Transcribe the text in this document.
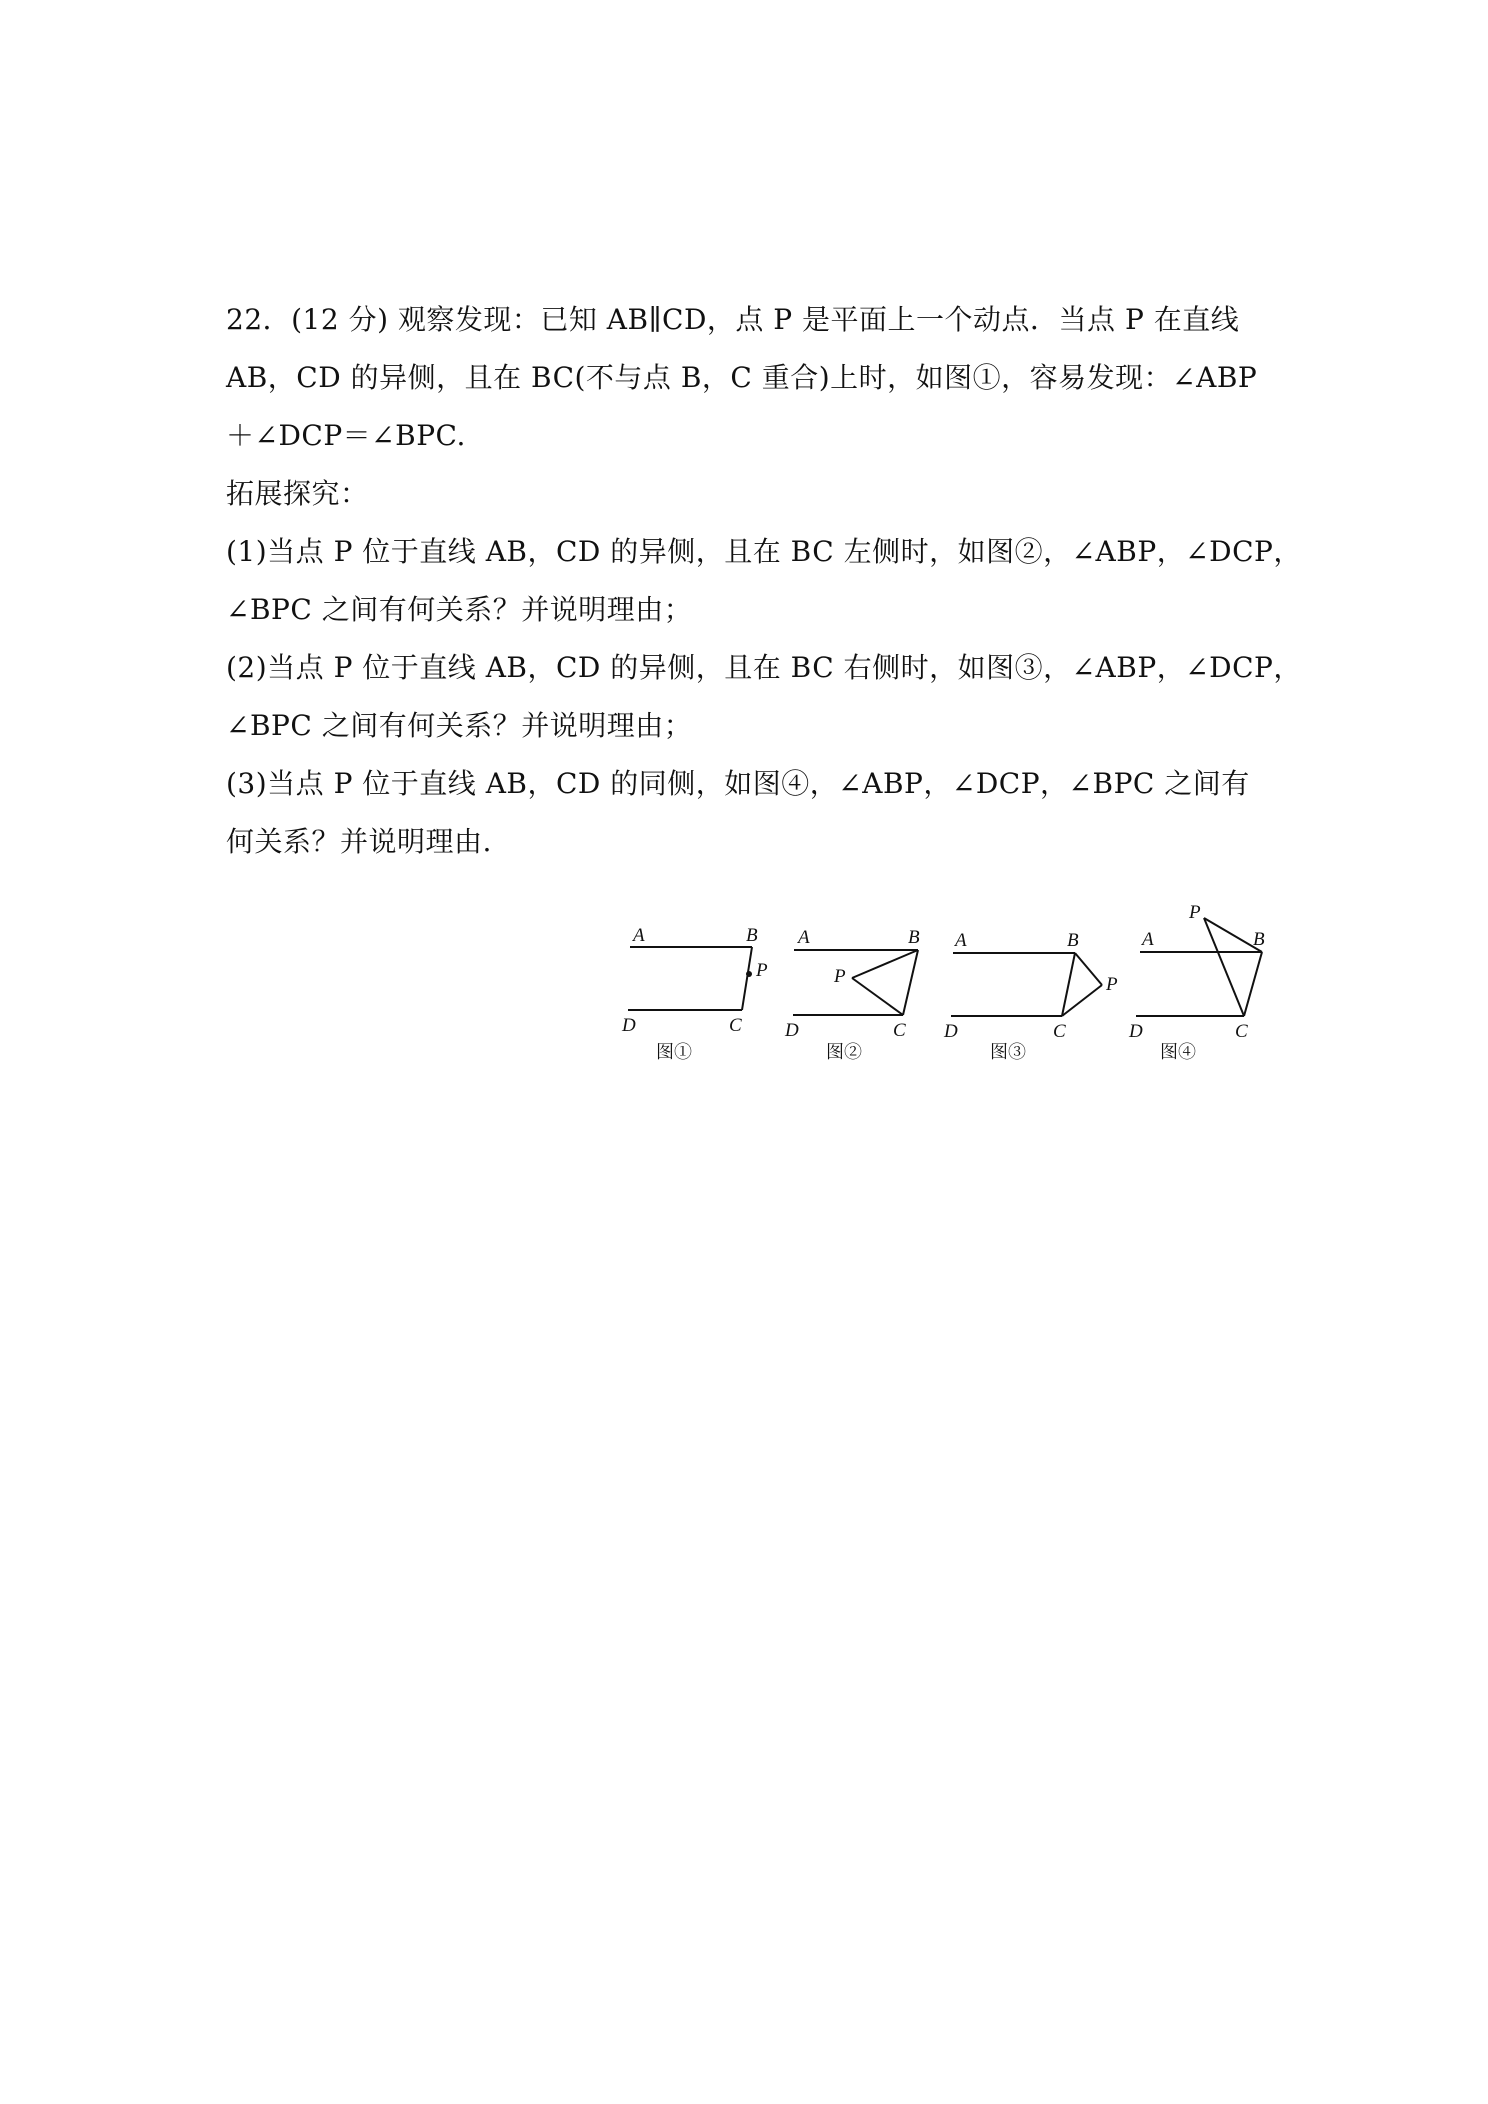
22．(12 分) 观察发现：已知 AB∥CD，点 P 是平面上一个动点．当点 P 在直线
AB，CD 的异侧，且在 BC(不与点 B，C 重合)上时，如图①，容易发现：∠ABP
＋∠DCP＝∠BPC.
拓展探究：
(1)当点 P 位于直线 AB，CD 的异侧，且在 BC 左侧时，如图②，∠ABP，∠DCP，
∠BPC 之间有何关系？并说明理由；
(2)当点 P 位于直线 AB，CD 的异侧，且在 BC 右侧时，如图③，∠ABP，∠DCP，
∠BPC 之间有何关系？并说明理由；
(3)当点 P 位于直线 AB，CD 的同侧，如图④，∠ABP，∠DCP，∠BPC 之间有
何关系？并说明理由.
A	B
P
D	C
图①
A	B
P
D	C
图②
A	B
P
D	C
图③
P
A	B
D	C
图④
